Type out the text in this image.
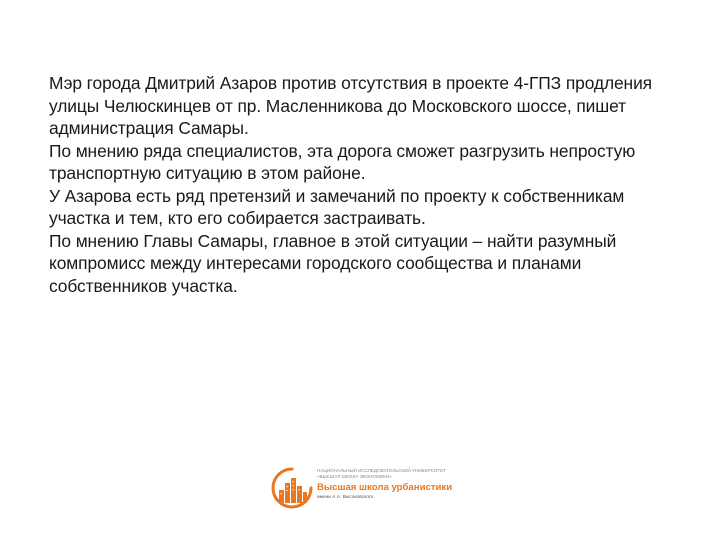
Мэр города Дмитрий Азаров против отсутствия в проекте 4-ГПЗ продления улицы Челюскинцев от пр. Масленникова до Московского шоссе, пишет администрация Самары.

По мнению ряда специалистов, эта дорога сможет разгрузить непростую транспортную ситуацию в этом районе.

У Азарова есть ряд претензий и замечаний по проекту к собственникам участка и тем, кто его собирается застраивать.

По мнению Главы Самары, главное в этой ситуации – найти разумный компромисс между интересами городского сообщества и планами собственников участка.

НАЦИОНАЛЬНЫЙ ИССЛЕДОВАТЕЛЬСКИЙ УНИВЕРСИТЕТ
«ВЫСШАЯ ШКОЛА ЭКОНОМИКИ»
Высшая школа урбанистики
имени А.А. Высоковского
